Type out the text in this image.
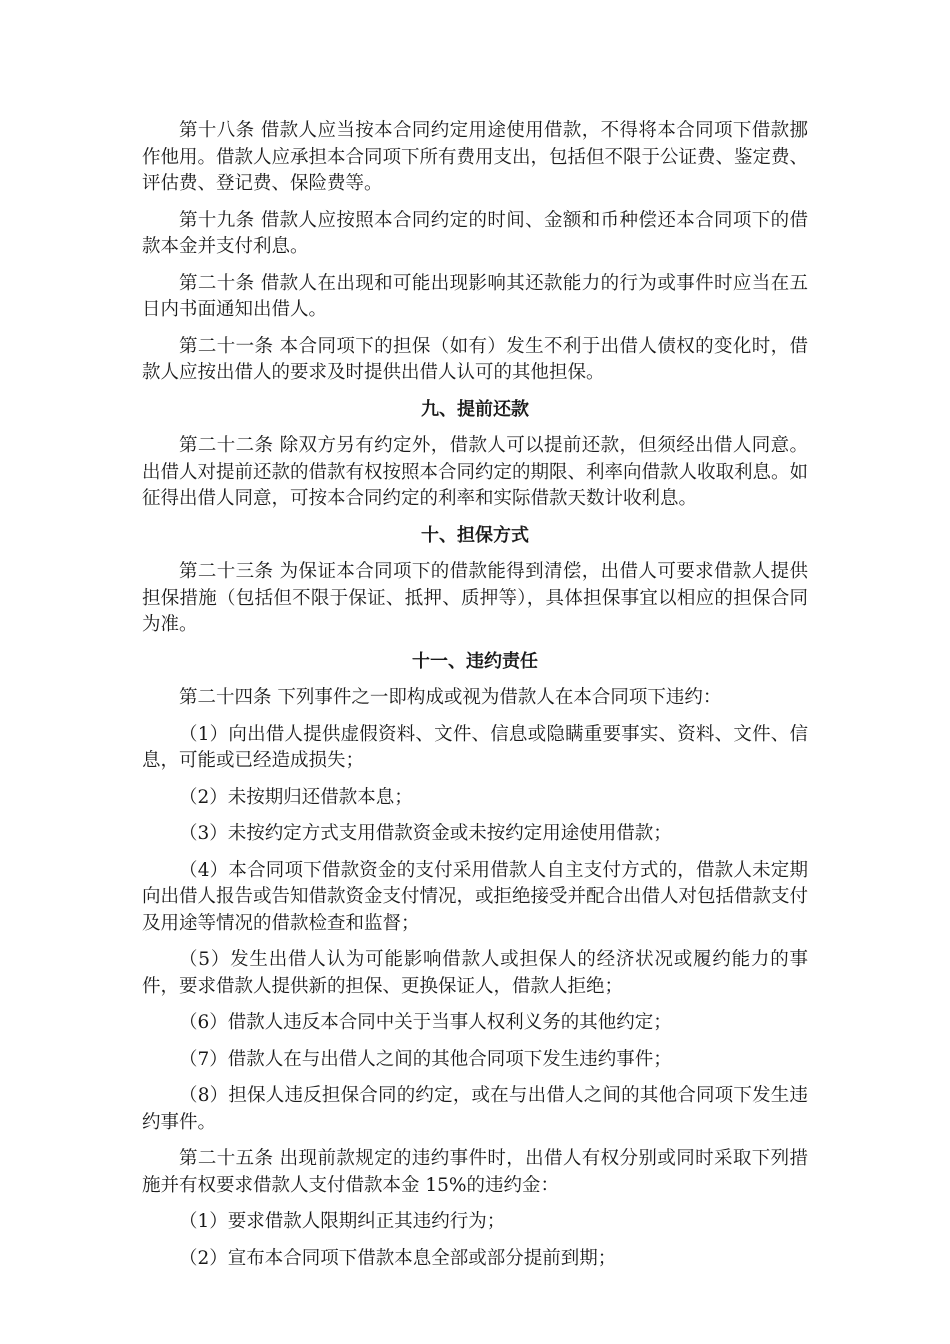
第十八条 借款人应当按本合同约定用途使用借款，不得将本合同项下借款挪作他用。借款人应承担本合同项下所有费用支出，包括但不限于公证费、鉴定费、评估费、登记费、保险费等。

第十九条 借款人应按照本合同约定的时间、金额和币种偿还本合同项下的借款本金并支付利息。

第二十条 借款人在出现和可能出现影响其还款能力的行为或事件时应当在五日内书面通知出借人。

第二十一条 本合同项下的担保（如有）发生不利于出借人债权的变化时，借款人应按出借人的要求及时提供出借人认可的其他担保。

九、提前还款

第二十二条 除双方另有约定外，借款人可以提前还款，但须经出借人同意。出借人对提前还款的借款有权按照本合同约定的期限、利率向借款人收取利息。如征得出借人同意，可按本合同约定的利率和实际借款天数计收利息。

十、担保方式

第二十三条 为保证本合同项下的借款能得到清偿，出借人可要求借款人提供担保措施（包括但不限于保证、抵押、质押等），具体担保事宜以相应的担保合同为准。

十一、违约责任

第二十四条 下列事件之一即构成或视为借款人在本合同项下违约：

（1）向出借人提供虚假资料、文件、信息或隐瞒重要事实、资料、文件、信息，可能或已经造成损失；

（2）未按期归还借款本息；

（3）未按约定方式支用借款资金或未按约定用途使用借款；

（4）本合同项下借款资金的支付采用借款人自主支付方式的，借款人未定期向出借人报告或告知借款资金支付情况，或拒绝接受并配合出借人对包括借款支付及用途等情况的借款检查和监督；

（5）发生出借人认为可能影响借款人或担保人的经济状况或履约能力的事件，要求借款人提供新的担保、更换保证人，借款人拒绝；

（6）借款人违反本合同中关于当事人权利义务的其他约定；

（7）借款人在与出借人之间的其他合同项下发生违约事件；

（8）担保人违反担保合同的约定，或在与出借人之间的其他合同项下发生违约事件。

第二十五条 出现前款规定的违约事件时，出借人有权分别或同时采取下列措施并有权要求借款人支付借款本金 15%的违约金：

（1）要求借款人限期纠正其违约行为；

（2）宣布本合同项下借款本息全部或部分提前到期；
